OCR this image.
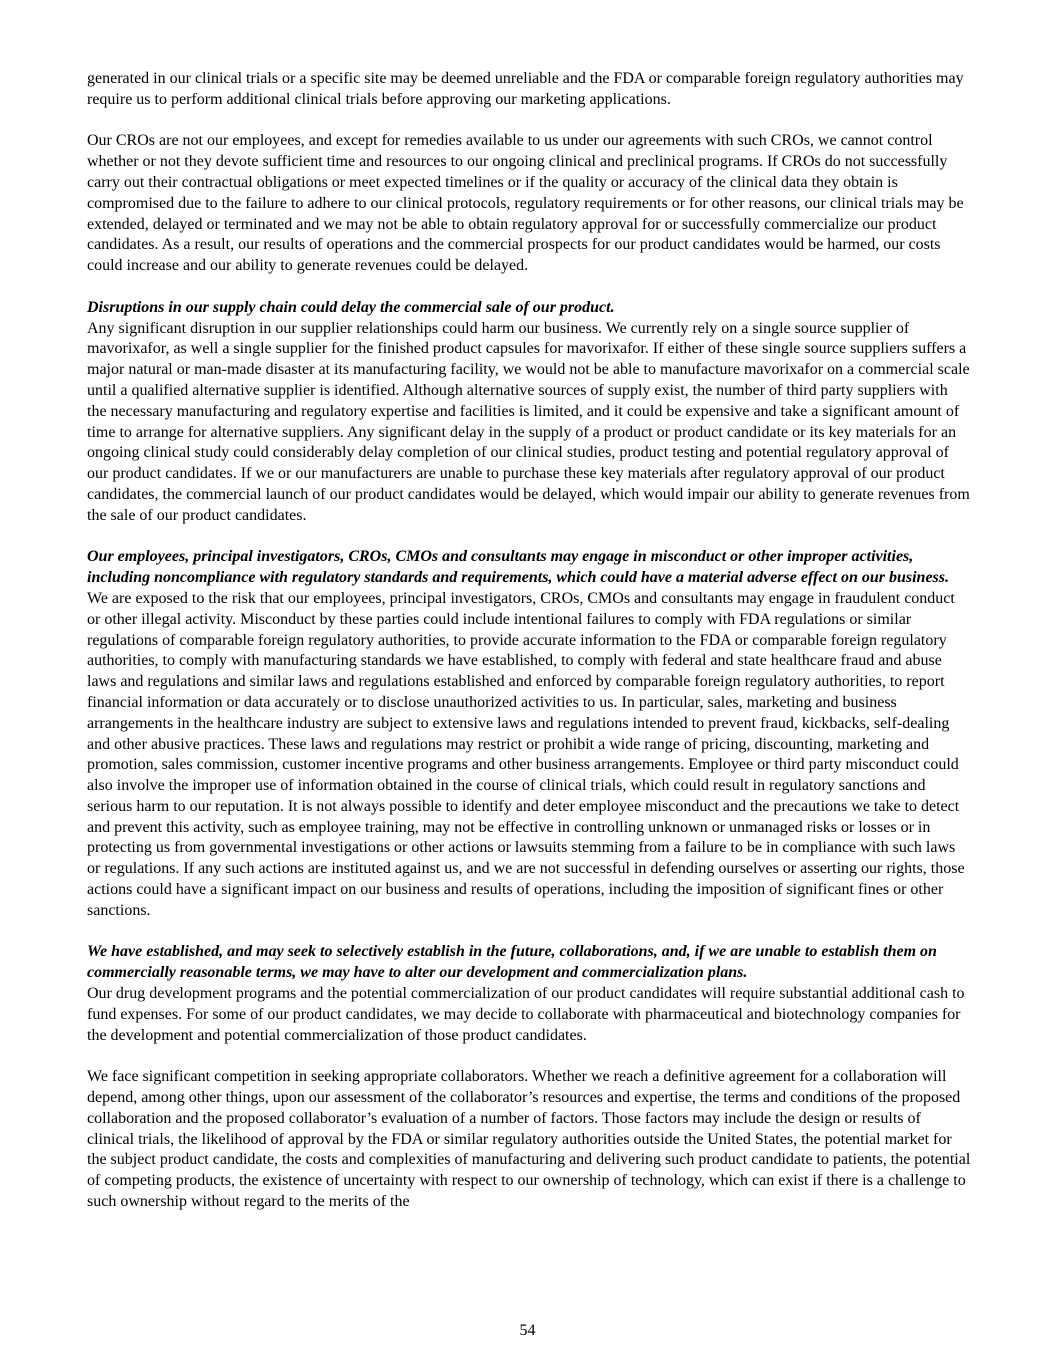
generated in our clinical trials or a specific site may be deemed unreliable and the FDA or comparable foreign regulatory authorities may require us to perform additional clinical trials before approving our marketing applications.

Our CROs are not our employees, and except for remedies available to us under our agreements with such CROs, we cannot control whether or not they devote sufficient time and resources to our ongoing clinical and preclinical programs. If CROs do not successfully carry out their contractual obligations or meet expected timelines or if the quality or accuracy of the clinical data they obtain is compromised due to the failure to adhere to our clinical protocols, regulatory requirements or for other reasons, our clinical trials may be extended, delayed or terminated and we may not be able to obtain regulatory approval for or successfully commercialize our product candidates. As a result, our results of operations and the commercial prospects for our product candidates would be harmed, our costs could increase and our ability to generate revenues could be delayed.

Disruptions in our supply chain could delay the commercial sale of our product.

Any significant disruption in our supplier relationships could harm our business. We currently rely on a single source supplier of mavorixafor, as well a single supplier for the finished product capsules for mavorixafor. If either of these single source suppliers suffers a major natural or man-made disaster at its manufacturing facility, we would not be able to manufacture mavorixafor on a commercial scale until a qualified alternative supplier is identified. Although alternative sources of supply exist, the number of third party suppliers with the necessary manufacturing and regulatory expertise and facilities is limited, and it could be expensive and take a significant amount of time to arrange for alternative suppliers. Any significant delay in the supply of a product or product candidate or its key materials for an ongoing clinical study could considerably delay completion of our clinical studies, product testing and potential regulatory approval of our product candidates. If we or our manufacturers are unable to purchase these key materials after regulatory approval of our product candidates, the commercial launch of our product candidates would be delayed, which would impair our ability to generate revenues from the sale of our product candidates.

Our employees, principal investigators, CROs, CMOs and consultants may engage in misconduct or other improper activities, including noncompliance with regulatory standards and requirements, which could have a material adverse effect on our business.

We are exposed to the risk that our employees, principal investigators, CROs, CMOs and consultants may engage in fraudulent conduct or other illegal activity. Misconduct by these parties could include intentional failures to comply with FDA regulations or similar regulations of comparable foreign regulatory authorities, to provide accurate information to the FDA or comparable foreign regulatory authorities, to comply with manufacturing standards we have established, to comply with federal and state healthcare fraud and abuse laws and regulations and similar laws and regulations established and enforced by comparable foreign regulatory authorities, to report financial information or data accurately or to disclose unauthorized activities to us. In particular, sales, marketing and business arrangements in the healthcare industry are subject to extensive laws and regulations intended to prevent fraud, kickbacks, self-dealing and other abusive practices. These laws and regulations may restrict or prohibit a wide range of pricing, discounting, marketing and promotion, sales commission, customer incentive programs and other business arrangements. Employee or third party misconduct could also involve the improper use of information obtained in the course of clinical trials, which could result in regulatory sanctions and serious harm to our reputation. It is not always possible to identify and deter employee misconduct and the precautions we take to detect and prevent this activity, such as employee training, may not be effective in controlling unknown or unmanaged risks or losses or in protecting us from governmental investigations or other actions or lawsuits stemming from a failure to be in compliance with such laws or regulations. If any such actions are instituted against us, and we are not successful in defending ourselves or asserting our rights, those actions could have a significant impact on our business and results of operations, including the imposition of significant fines or other sanctions.

We have established, and may seek to selectively establish in the future, collaborations, and, if we are unable to establish them on commercially reasonable terms, we may have to alter our development and commercialization plans.

Our drug development programs and the potential commercialization of our product candidates will require substantial additional cash to fund expenses. For some of our product candidates, we may decide to collaborate with pharmaceutical and biotechnology companies for the development and potential commercialization of those product candidates.

We face significant competition in seeking appropriate collaborators. Whether we reach a definitive agreement for a collaboration will depend, among other things, upon our assessment of the collaborator’s resources and expertise, the terms and conditions of the proposed collaboration and the proposed collaborator’s evaluation of a number of factors. Those factors may include the design or results of clinical trials, the likelihood of approval by the FDA or similar regulatory authorities outside the United States, the potential market for the subject product candidate, the costs and complexities of manufacturing and delivering such product candidate to patients, the potential of competing products, the existence of uncertainty with respect to our ownership of technology, which can exist if there is a challenge to such ownership without regard to the merits of the

54
